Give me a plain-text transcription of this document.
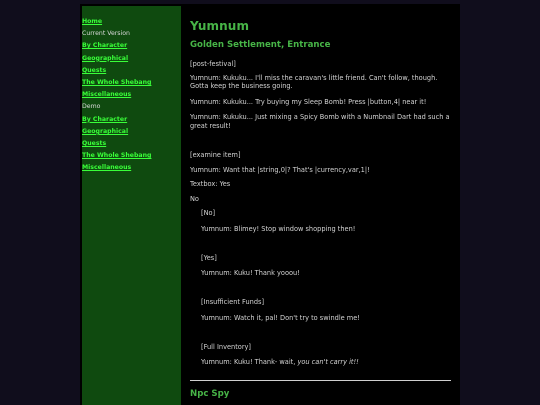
Home
Current Version
By Character
Geographical
Quests
The Whole Shebang
Miscellaneous
Demo
By Character
Geographical
Quests
The Whole Shebang
Miscellaneous
Yumnum
Golden Settlement, Entrance

[post-festival]

Yumnum: Kukuku... I'll miss the caravan's little friend. Can't follow, though. Gotta keep the business going.

Yumnum: Kukuku... Try buying my Sleep Bomb! Press |button,4| near it!

Yumnum: Kukuku... Just mixing a Spicy Bomb with a Numbnail Dart had such a great result!

[examine item]

Yumnum: Want that |string,0|? That's |currency,var,1|!

Textbox: Yes

No

[No]

Yumnum: Blimey! Stop window shopping then!

[Yes]

Yumnum: Kuku! Thank yooou!

[Insufficient Funds]

Yumnum: Watch it, pal! Don't try to swindle me!

[Full Inventory]

Yumnum: Kuku! Thank- wait, you can't carry it!!

Npc Spy
